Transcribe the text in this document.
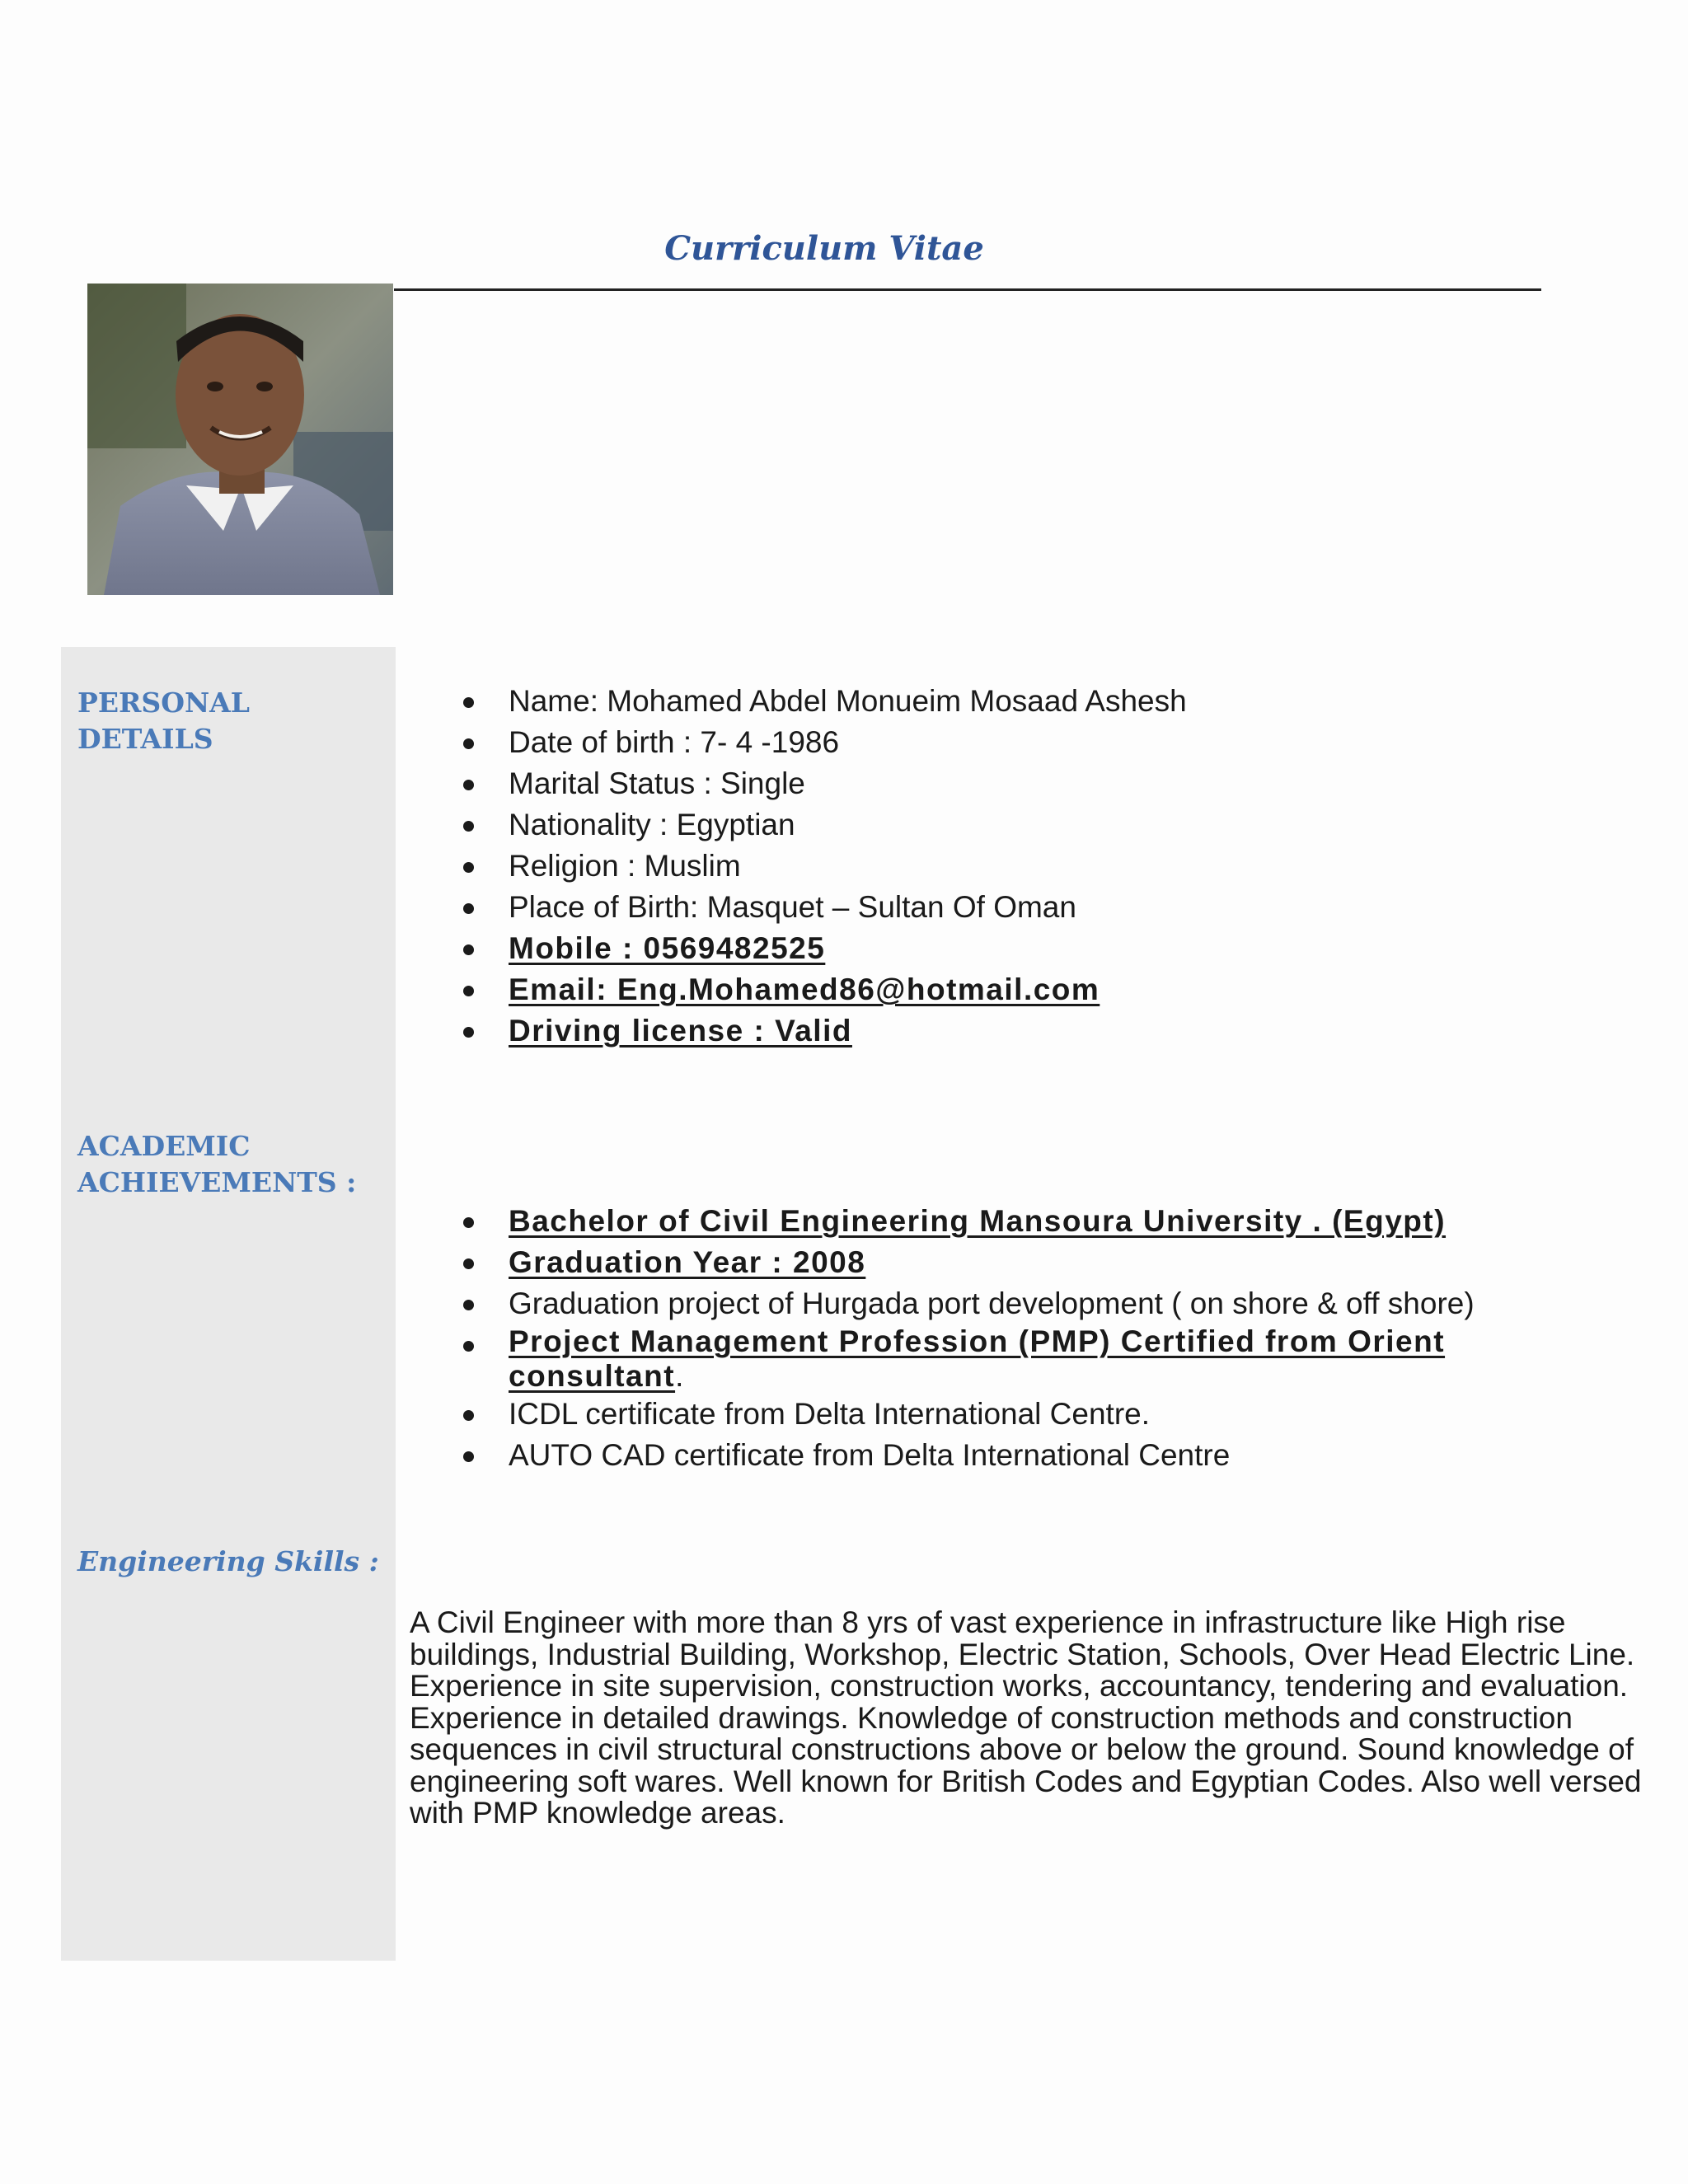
Curriculum Vitae
PERSONAL DETAILS
Name: Mohamed Abdel Monueim Mosaad Ashesh
Date of birth : 7- 4 -1986
Marital Status : Single
Nationality : Egyptian
Religion : Muslim
Place of Birth: Masquet – Sultan Of Oman
Mobile : 0569482525
Email: Eng.Mohamed86@hotmail.com
Driving license : Valid
ACADEMIC
ACHIEVEMENTS :
Bachelor of Civil Engineering Mansoura University . (Egypt)
Graduation Year : 2008
Graduation project of Hurgada port development ( on shore & off shore)
Project Management Profession (PMP) Certified from Orient consultant.
ICDL certificate from Delta International Centre.
AUTO CAD certificate from Delta International Centre
Engineering Skills :

A Civil Engineer with more than 8 yrs of vast experience in infrastructure like High rise buildings, Industrial Building, Workshop, Electric Station, Schools, Over Head Electric Line. Experience in site supervision, construction works, accountancy, tendering and evaluation. Experience in detailed drawings. Knowledge of construction methods and construction sequences in civil structural constructions above or below the ground. Sound knowledge of engineering soft wares. Well known for British Codes and Egyptian Codes. Also well versed with PMP knowledge areas.
